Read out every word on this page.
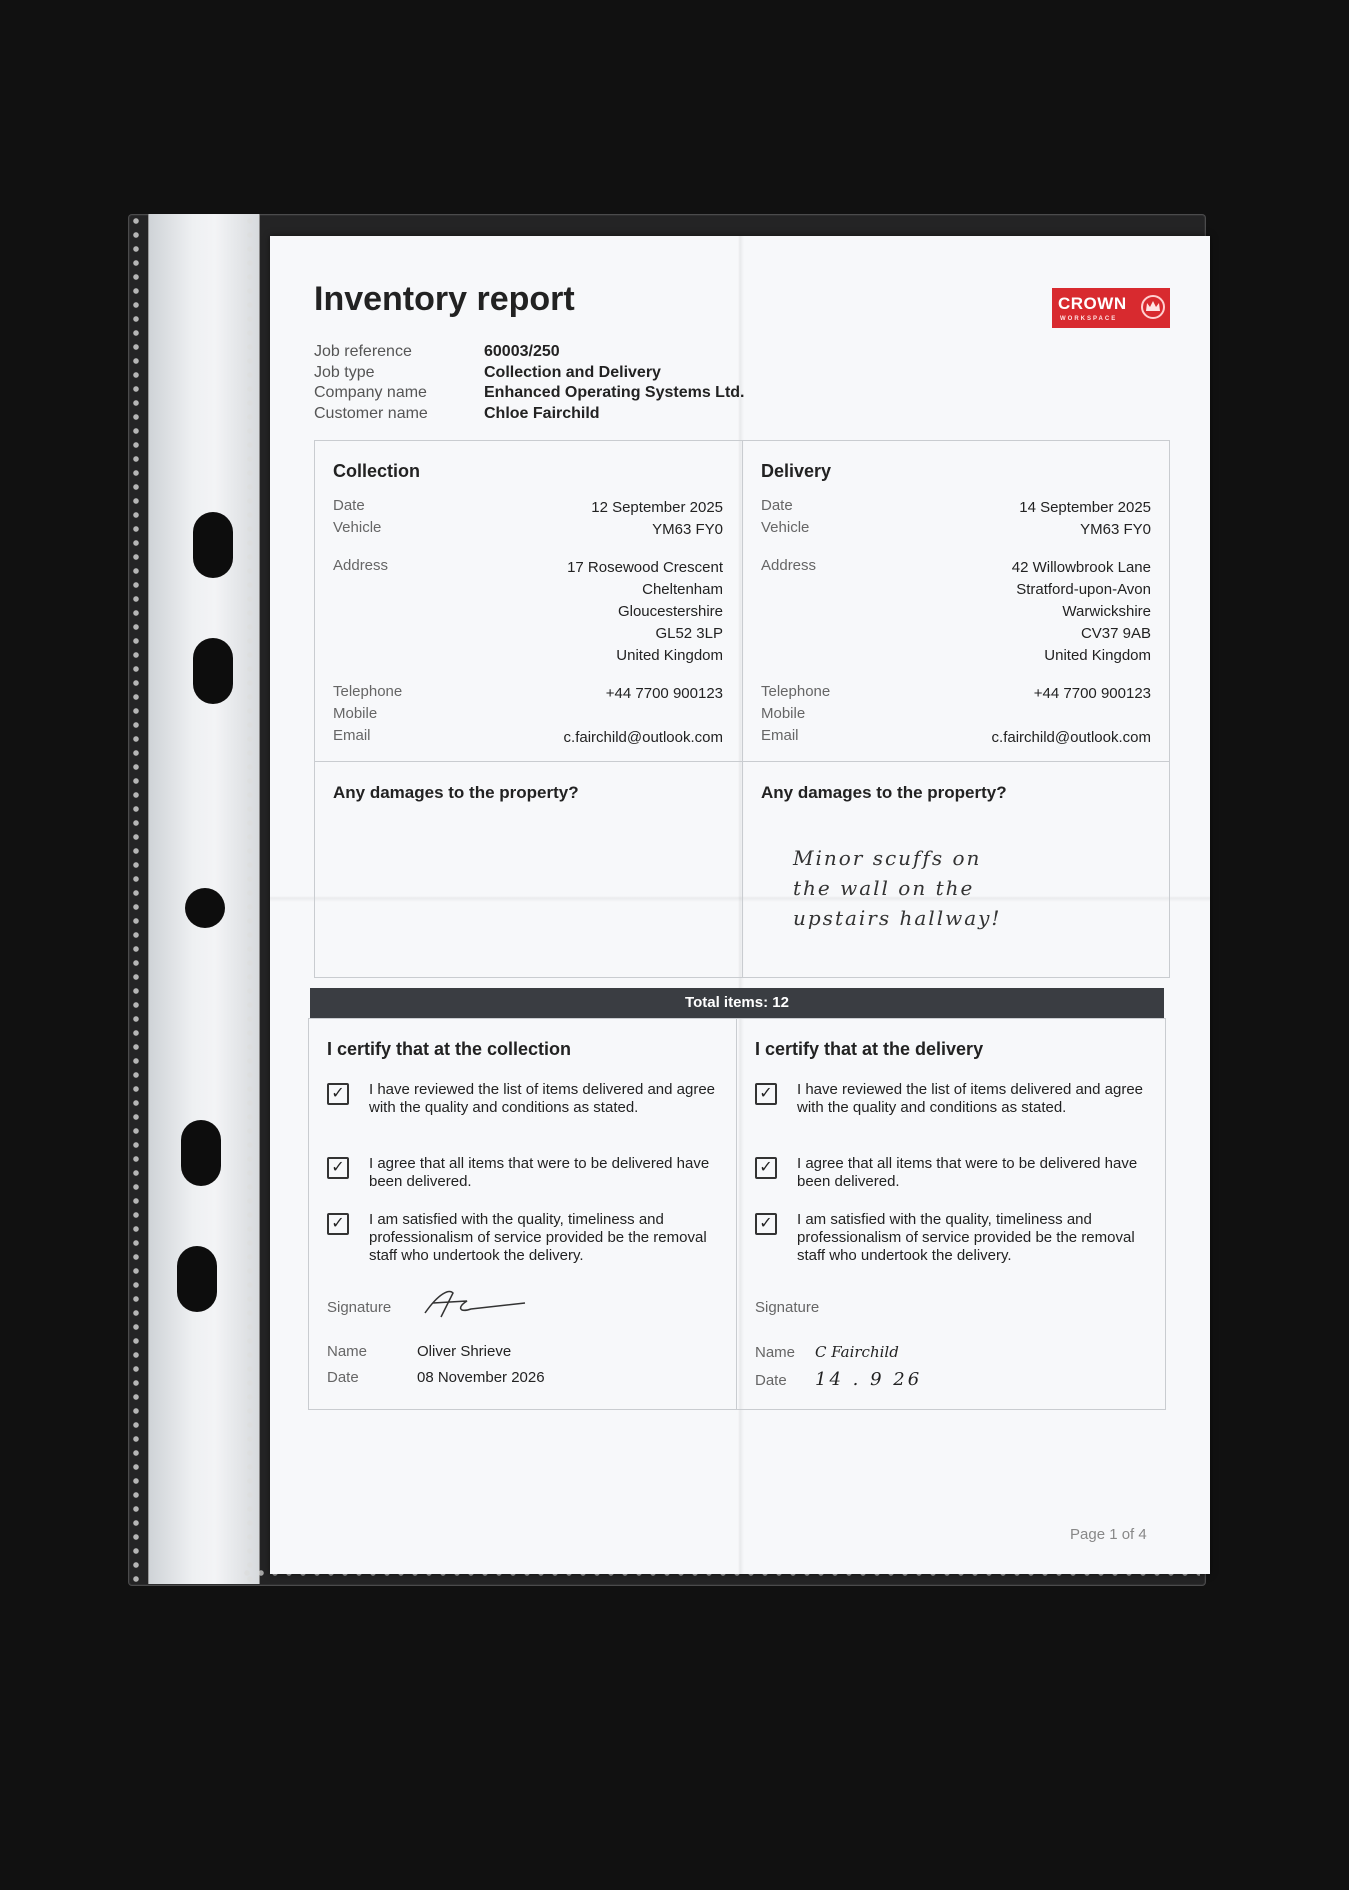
Inventory report	CROWN
WORKSPACE
Job reference	60003/250
Job type	Collection and Delivery
Company name	Enhanced Operating Systems Ltd.
Customer name	Chloe Fairchild
Collection
Date	12 September 2025
Vehicle	YM63 FY0
Address	17 Rosewood Crescent
Cheltenham
Gloucestershire
GL52 3LP
United Kingdom
Telephone	+44 7700 900123
Mobile
Email	c.fairchild@outlook.com
Any damages to the property?
Delivery
Date	14 September 2025
Vehicle	YM63 FY0
Address	42 Willowbrook Lane
Stratford-upon-Avon
Warwickshire
CV37 9AB
United Kingdom
Telephone	+44 7700 900123
Mobile
Email	c.fairchild@outlook.com
Any damages to the property?
Minor scuffs on
the wall on the
upstairs hallway!
Total items: 12
I certify that at the collection
✓ I have reviewed the list of items delivered and agree with the quality and conditions as stated.
✓ I agree that all items that were to be delivered have been delivered.
✓ I am satisfied with the quality, timeliness and professionalism of service provided be the removal staff who undertook the delivery.
Signature
Name	Oliver Shrieve
Date	08 November 2026
I certify that at the delivery
✓ I have reviewed the list of items delivered and agree with the quality and conditions as stated.
✓ I agree that all items that were to be delivered have been delivered.
✓ I am satisfied with the quality, timeliness and professionalism of service provided be the removal staff who undertook the delivery.
Signature
Name C Fairchild
Date 14 . 9 26
Page 1 of 4
